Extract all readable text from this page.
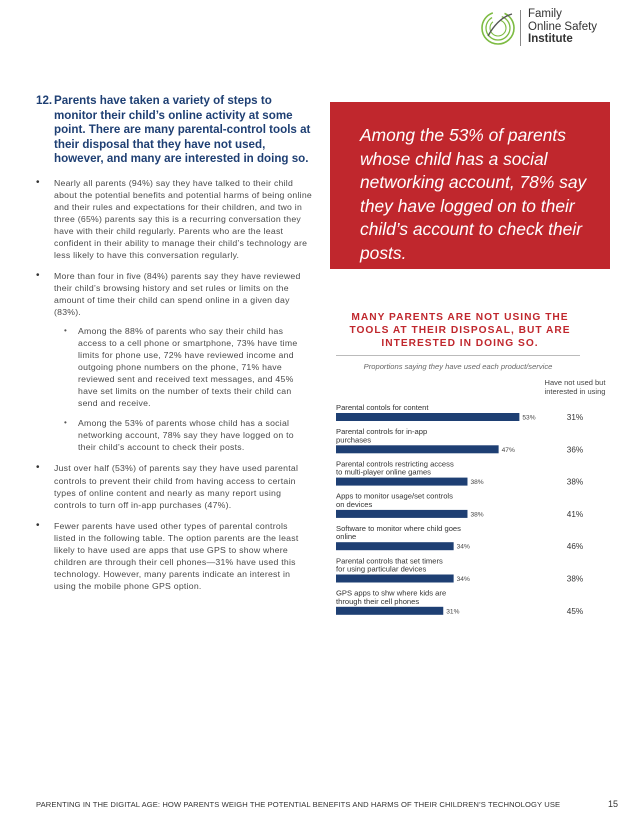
Family
Online Safety
Institute
12. Parents have taken a variety of steps to monitor their child’s online activity at some point. There are many parental-control tools at their disposal that they have not used, however, and many are interested in doing so.
• Nearly all parents (94%) say they have talked to their child about the potential benefits and potential harms of being online and their rules and expectations for their children, and two in three (65%) parents say this is a recurring conversation they have with their child regularly. Parents who are the least confident in their ability to manage their child’s technology are less likely to have this conversation regularly.
• More than four in five (84%) parents say they have reviewed their child’s browsing history and set rules or limits on the amount of time their child can spend online in a given day (83%).
• Among the 88% of parents who say their child has access to a cell phone or smartphone, 73% have time limits for phone use, 72% have reviewed income and outgoing phone numbers on the phone, 71% have reviewed sent and received text messages, and 45% have set limits on the number of texts their child can send and receive.
• Among the 53% of parents whose child has a social networking account, 78% say they have logged on to their child’s account to check their posts.
• Just over half (53%) of parents say they have used parental controls to prevent their child from having access to certain types of online content and nearly as many report using controls to turn off in-app purchases (47%).
• Fewer parents have used other types of parental controls listed in the following table. The option parents are the least likely to have used are apps that use GPS to show where children are through their cell phones—31% have used this technology. However, many parents indicate an interest in using the mobile phone GPS option.

Among the 53% of parents whose child has a social networking account, 78% say they have logged on to their child’s account to check their posts.

MANY PARENTS ARE NOT USING THE TOOLS AT THEIR DISPOSAL, BUT ARE INTERESTED IN DOING SO.
Proportions saying they have used each product/service
Have not used but interested in using
Parental contols for content
53%	31%
Parental controls for in-app
purchases
47%	36%
Parental controls restricting access
to multi-player online games
38%	38%
Apps to monitor usage/set controls
on devices
38%	41%
Software to monitor where child goes
online
34%	46%
Parental controls that set timers
for using particular devices
34%	38%
GPS apps to shw where kids are
through their cell phones
31%	45%
PARENTING IN THE DIGITAL AGE: HOW PARENTS WEIGH THE POTENTIAL BENEFITS AND HARMS OF THEIR CHILDREN’S TECHNOLOGY USE	15
